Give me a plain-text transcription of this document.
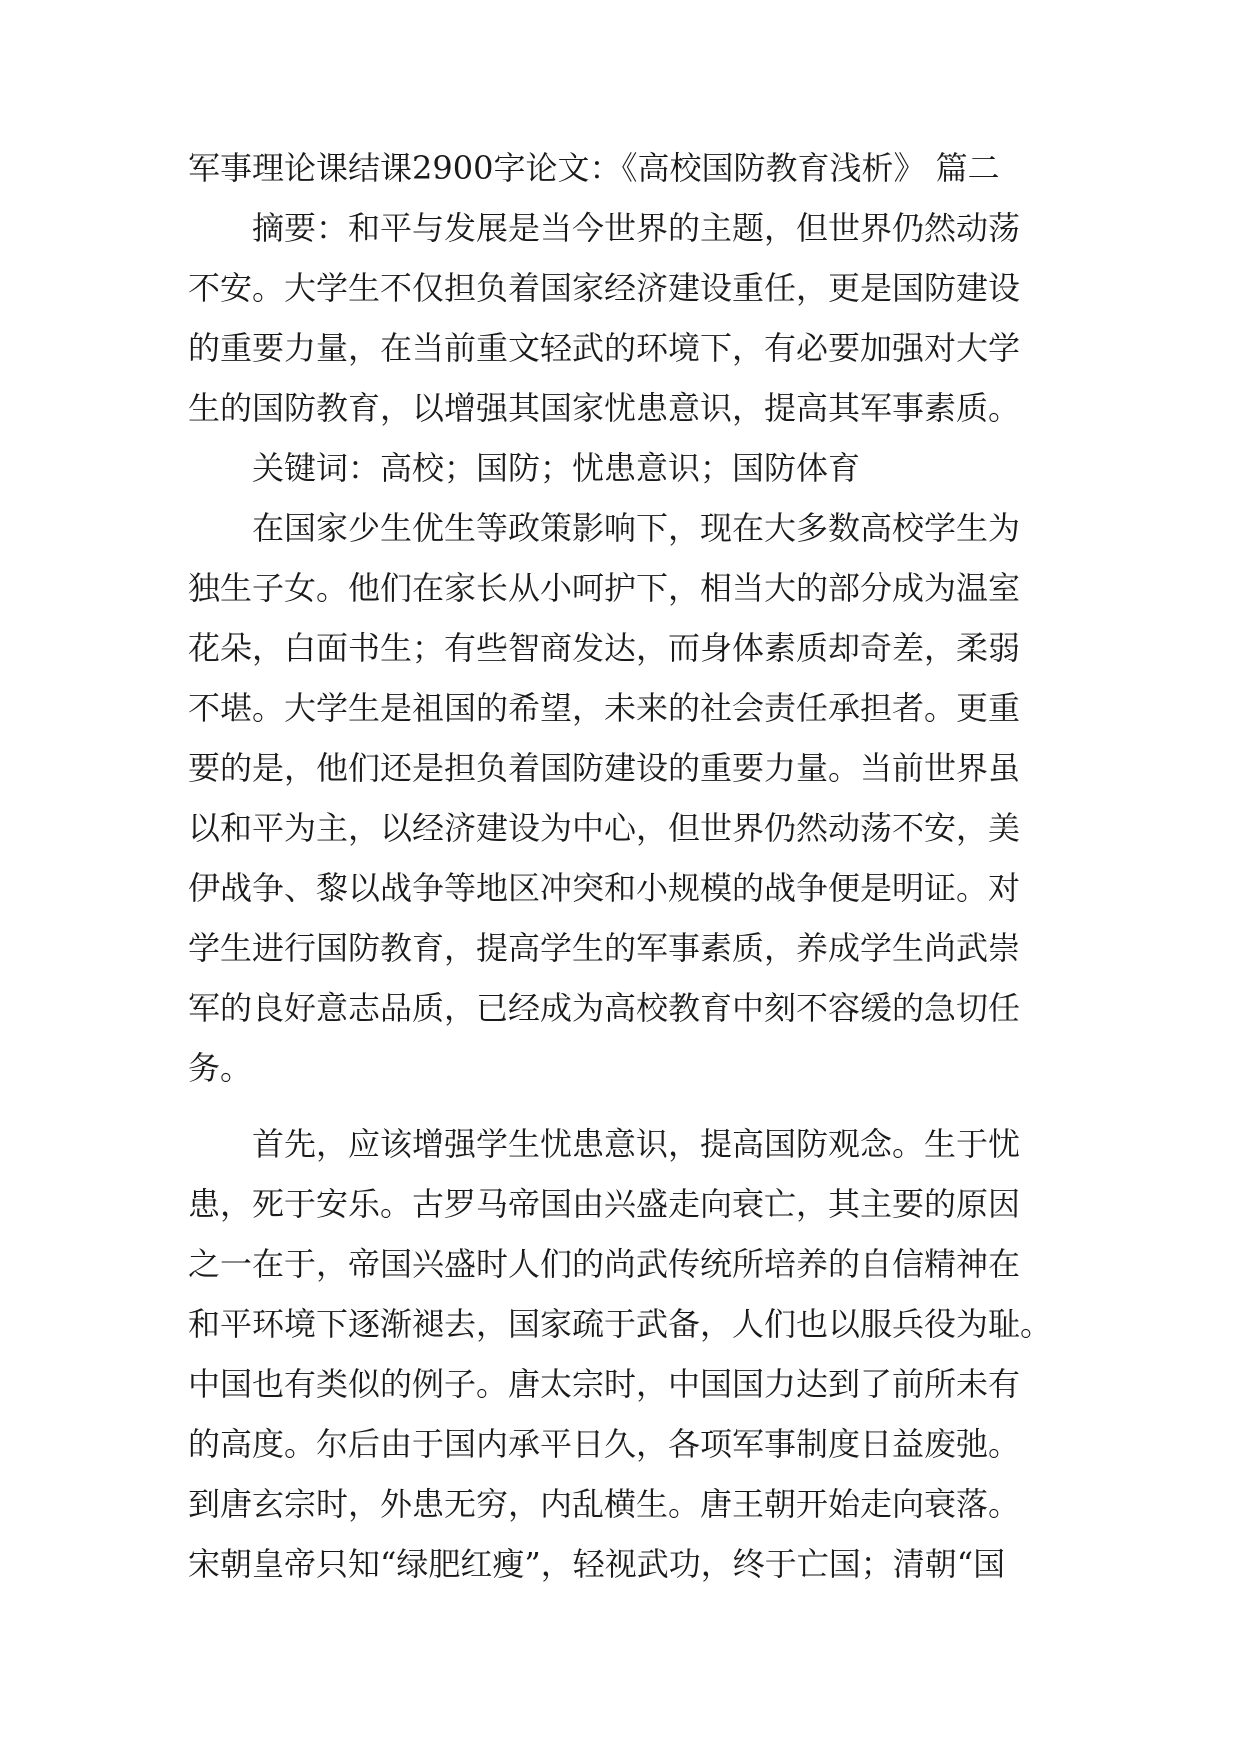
军事理论课结课2900字论文：《高校国防教育浅析》 篇二
摘要：和平与发展是当今世界的主题，但世界仍然动荡
不安。大学生不仅担负着国家经济建设重任，更是国防建设
的重要力量，在当前重文轻武的环境下，有必要加强对大学
生的国防教育，以增强其国家忧患意识，提高其军事素质。
关键词：高校；国防；忧患意识；国防体育
在国家少生优生等政策影响下，现在大多数高校学生为
独生子女。他们在家长从小呵护下，相当大的部分成为温室
花朵，白面书生；有些智商发达，而身体素质却奇差，柔弱
不堪。大学生是祖国的希望，未来的社会责任承担者。更重
要的是，他们还是担负着国防建设的重要力量。当前世界虽
以和平为主，以经济建设为中心，但世界仍然动荡不安，美
伊战争、黎以战争等地区冲突和小规模的战争便是明证。对
学生进行国防教育，提高学生的军事素质，养成学生尚武崇
军的良好意志品质，已经成为高校教育中刻不容缓的急切任
务。
首先，应该增强学生忧患意识，提高国防观念。生于忧
患，死于安乐。古罗马帝国由兴盛走向衰亡，其主要的原因
之一在于，帝国兴盛时人们的尚武传统所培养的自信精神在
和平环境下逐渐褪去，国家疏于武备，人们也以服兵役为耻。
中国也有类似的例子。唐太宗时，中国国力达到了前所未有
的高度。尔后由于国内承平日久，各项军事制度日益废弛。
到唐玄宗时，外患无穷，内乱横生。唐王朝开始走向衰落。
宋朝皇帝只知“绿肥红瘦”，轻视武功，终于亡国；清朝“国
